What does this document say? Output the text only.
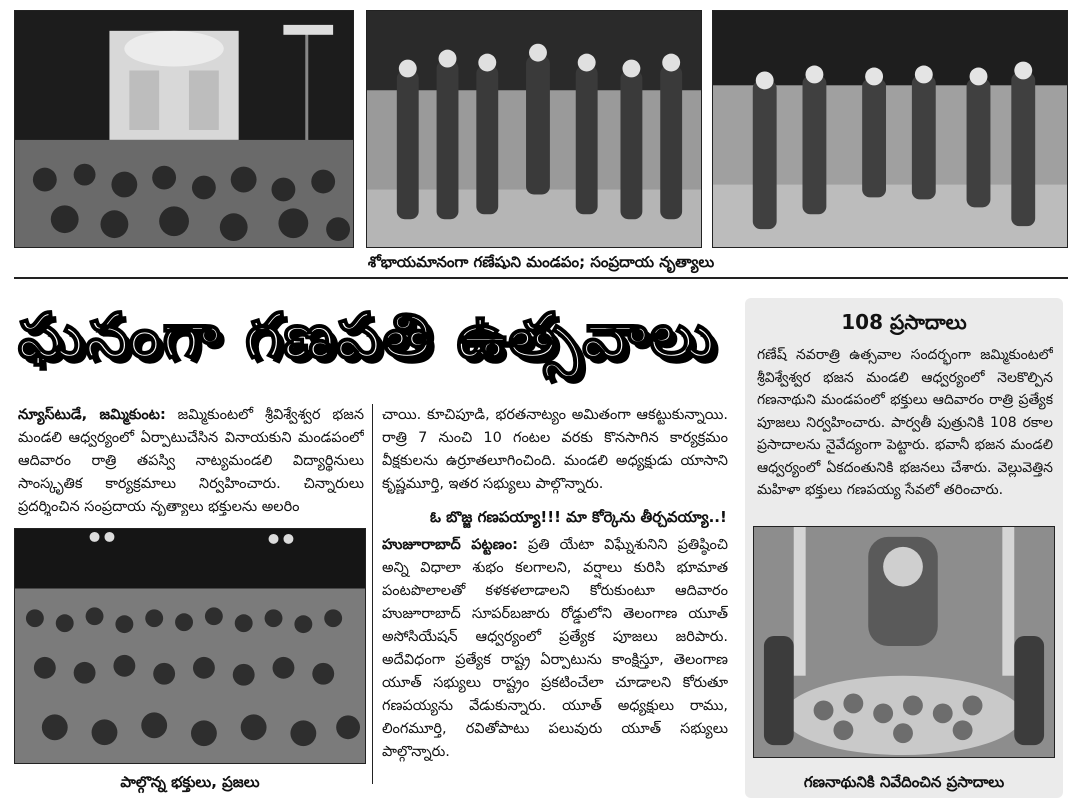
శోభాయమానంగా గణేషుని మండపం; సంప్రదాయ నృత్యాలు
ఘనంగా గణపతి ఉత్సవాలు
న్యూస్‌టుడే, జమ్మికుంట: జమ్మికుంటలో శ్రీవిశ్వేశ్వర భజన మండలి ఆధ్వర్యంలో ఏర్పాటుచేసిన వినాయకుని మండపంలో ఆదివారం రాత్రి తపస్వి నాట్యమండలి విద్యార్థినులు సాంస్కృతిక కార్యక్రమాలు నిర్వహించారు. చిన్నారులు ప్రదర్శించిన సంప్రదాయ నృత్యాలు భక్తులను అలరిం
చాయి. కూచిపూడి, భరతనాట్యం అమితంగా ఆకట్టుకున్నాయి. రాత్రి 7 నుంచి 10 గంటల వరకు కొనసాగిన కార్యక్రమం వీక్షకులను ఉర్రూతలూగించింది. మండలి అధ్యక్షుడు యాసాని కృష్ణమూర్తి, ఇతర సభ్యులు పాల్గొన్నారు.
పాల్గొన్న భక్తులు, ప్రజలు
ఓ బొజ్జ గణపయ్యా!!! మా కోర్కెను తీర్చవయ్యా..!
హుజూరాబాద్‌ పట్టణం: ప్రతి యేటా విఘ్నేశునిని ప్రతిష్ఠించి అన్ని విధాలా శుభం కలగాలని, వర్షాలు కురిసి భూమాత పంటపొలాలతో కళకళలాడాలని కోరుకుంటూ ఆదివారం హుజూరాబాద్‌ సూపర్‌బజారు రోడ్డులోని తెలంగాణ యూత్‌ అసోసియేషన్‌ ఆధ్వర్యంలో ప్రత్యేక పూజలు జరిపారు. అదేవిధంగా ప్రత్యేక రాష్ట్ర ఏర్పాటును కాంక్షిస్తూ, తెలంగాణ యూత్‌ సభ్యులు రాష్ట్రం ప్రకటించేలా చూడాలని కోరుతూ గణపయ్యను వేడుకున్నారు. యూత్‌ అధ్యక్షులు రాము, లింగమూర్తి, రవితోపాటు పలువురు యూత్‌ సభ్యులు పాల్గొన్నారు.
108 ప్రసాదాలు
గణేష్‌ నవరాత్రి ఉత్సవాల సందర్భంగా జమ్మికుంటలో శ్రీవిశ్వేశ్వర భజన మండలి ఆధ్వర్యంలో నెలకొల్పిన గణనాథుని మండపంలో భక్తులు ఆదివారం రాత్రి ప్రత్యేక పూజలు నిర్వహించారు. పార్వతీ పుత్రునికి 108 రకాల ప్రసాదాలను నైవేద్యంగా పెట్టారు. భవానీ భజన మండలి ఆధ్వర్యంలో ఏకదంతునికి భజనలు చేశారు. వెల్లువెత్తిన మహిళా భక్తులు గణపయ్య సేవలో తరించారు.
గణనాథునికి నివేదించిన ప్రసాదాలు
